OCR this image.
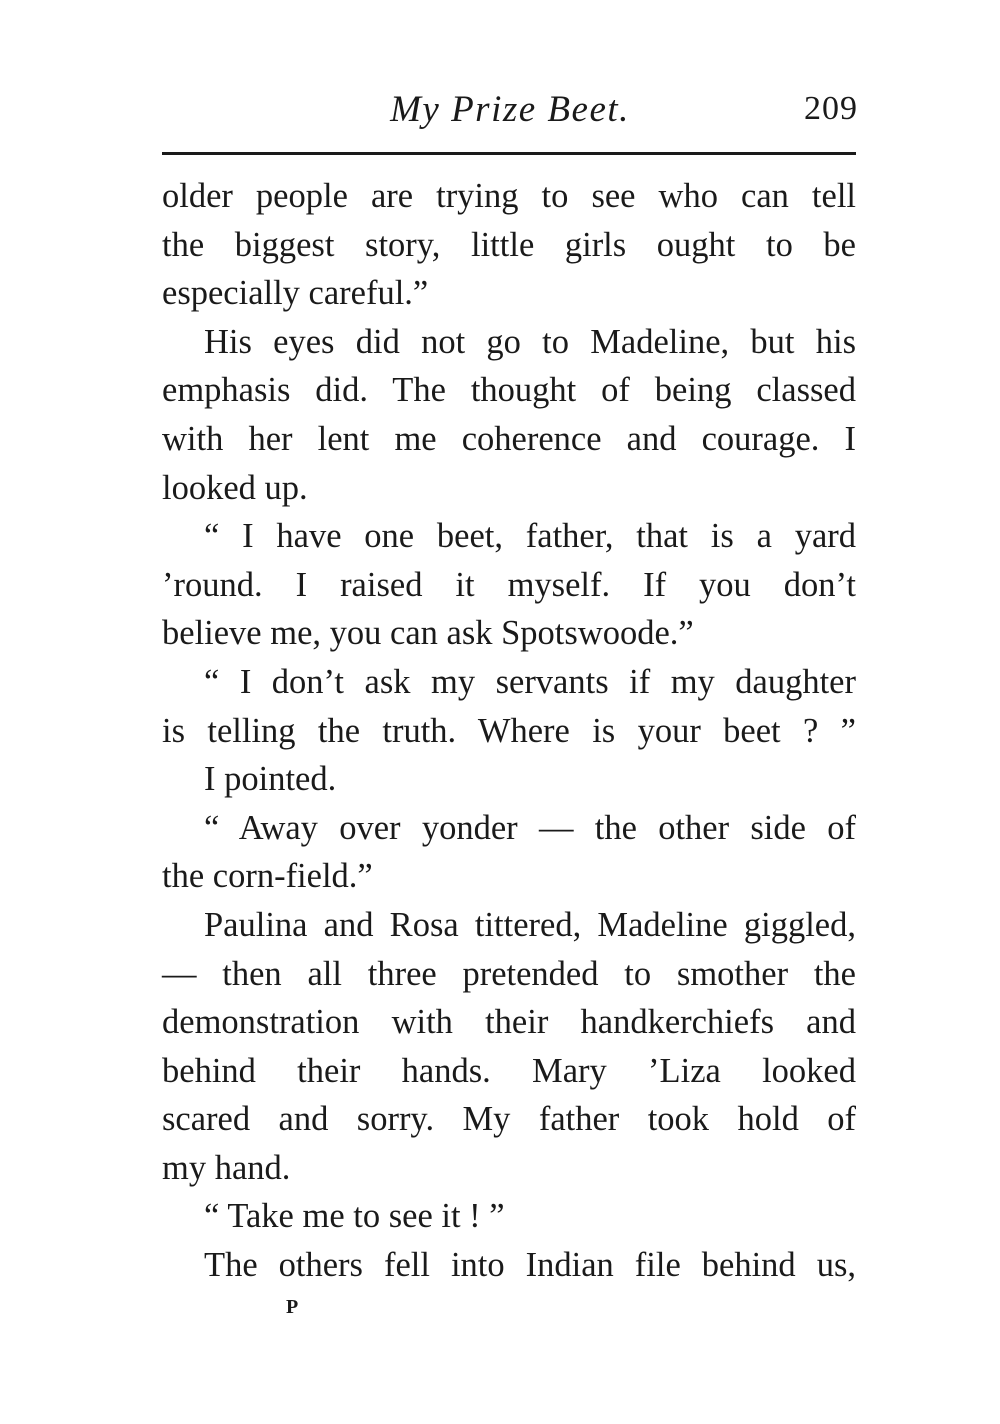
My Prize Beet.	209
older people are trying to see who can tell
the biggest story, little girls ought to be
especially careful.”
His eyes did not go to Madeline, but his
emphasis did. The thought of being classed
with her lent me coherence and courage. I
looked up.
“ I have one beet, father, that is a yard
’round. I raised it myself. If you don’t
believe me, you can ask Spotswoode.”
“ I don’t ask my servants if my daughter
is telling the truth. Where is your beet ? ”
I pointed.
“ Away over yonder — the other side of
the corn-field.”
Paulina and Rosa tittered, Madeline giggled,
— then all three pretended to smother the
demonstration with their handkerchiefs and
behind their hands. Mary ’Liza looked
scared and sorry. My father took hold of
my hand.
“ Take me to see it ! ”
The others fell into Indian file behind us,
P
